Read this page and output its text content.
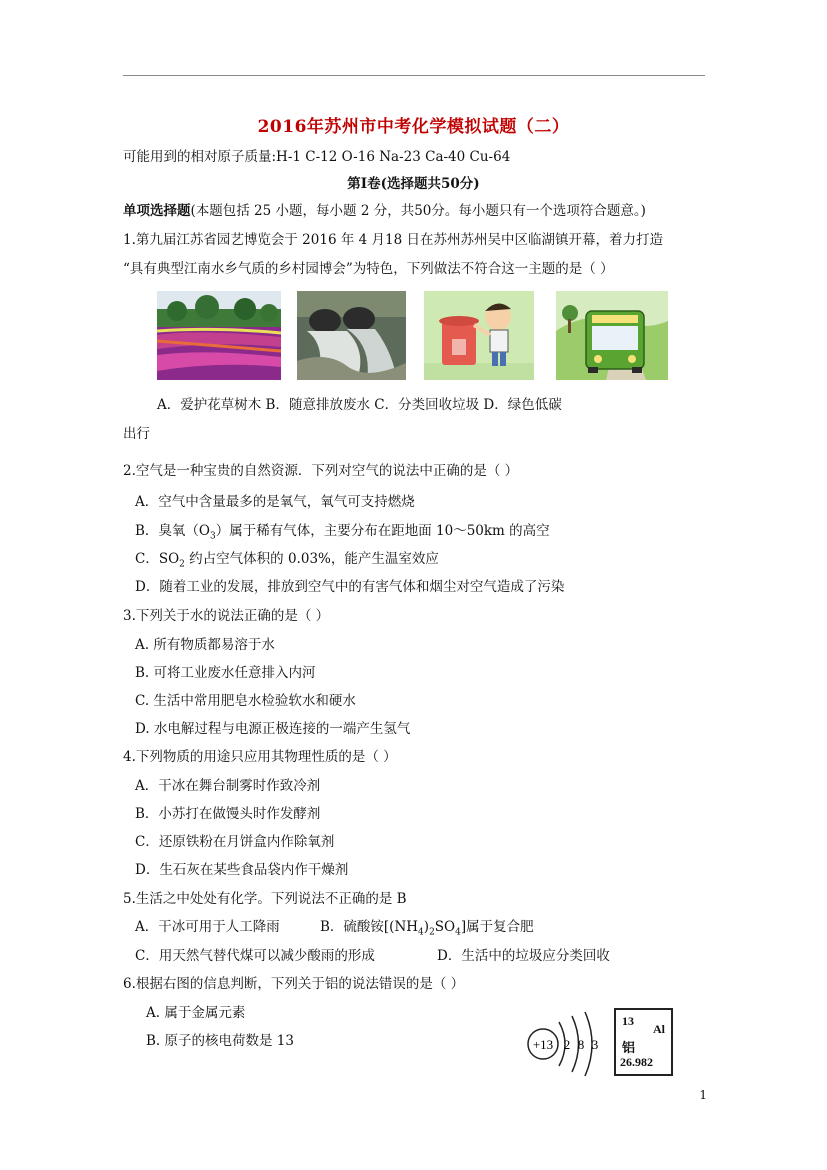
2016年苏州市中考化学模拟试题（二）
可能用到的相对原子质量:H-1 C-12 O-16 Na-23 Ca-40 Cu-64
第Ⅰ卷(选择题共50分)
单项选择题(本题包括 25 小题，每小题 2 分，共50分。每小题只有一个选项符合题意。)
1.第九届江苏省园艺博览会于 2016 年 4 月18 日在苏州苏州吴中区临湖镇开幕，着力打造
“具有典型江南水乡气质的乡村园博会”为特色，下列做法不符合这一主题的是（ ）
A．爱护花草树木 B．随意排放废水 C．分类回收垃圾 D．绿色低碳
出行
2.空气是一种宝贵的自然资源．下列对空气的说法中正确的是（ ）
A．空气中含量最多的是氧气，氧气可支持燃烧
B．臭氧$(O_3)$属于稀有气体，主要分布在距地面 10～50km 的高空
C．$SO_2$ 约占空气体积的 0.03%，能产生温室效应
D．随着工业的发展，排放到空气中的有害气体和烟尘对空气造成了污染
3.下列关于水的说法正确的是（ ）
A. 所有物质都易溶于水
B. 可将工业废水任意排入内河
C. 生活中常用肥皂水检验软水和硬水
D. 水电解过程与电源正极连接的一端产生氢气
4.下列物质的用途只应用其物理性质的是（ ）
A．干冰在舞台制雾时作致冷剂
B．小苏打在做馒头时作发酵剂
C．还原铁粉在月饼盒内作除氧剂
D．生石灰在某些食品袋内作干燥剂
5.生活之中处处有化学。下列说法不正确的是 B
A．干冰可用于人工降雨	B．硫酸铵$[(NH_4)_2SO_4]$属于复合肥
C．用天然气替代煤可以减少酸雨的形成	D．生活中的垃圾应分类回收
6.根据右图的信息判断，下列关于铝的说法错误的是（ ）
A. 属于金属元素
B. 原子的核电荷数是 13	+13 2 8 3
13
Al
铝
26.982
1
